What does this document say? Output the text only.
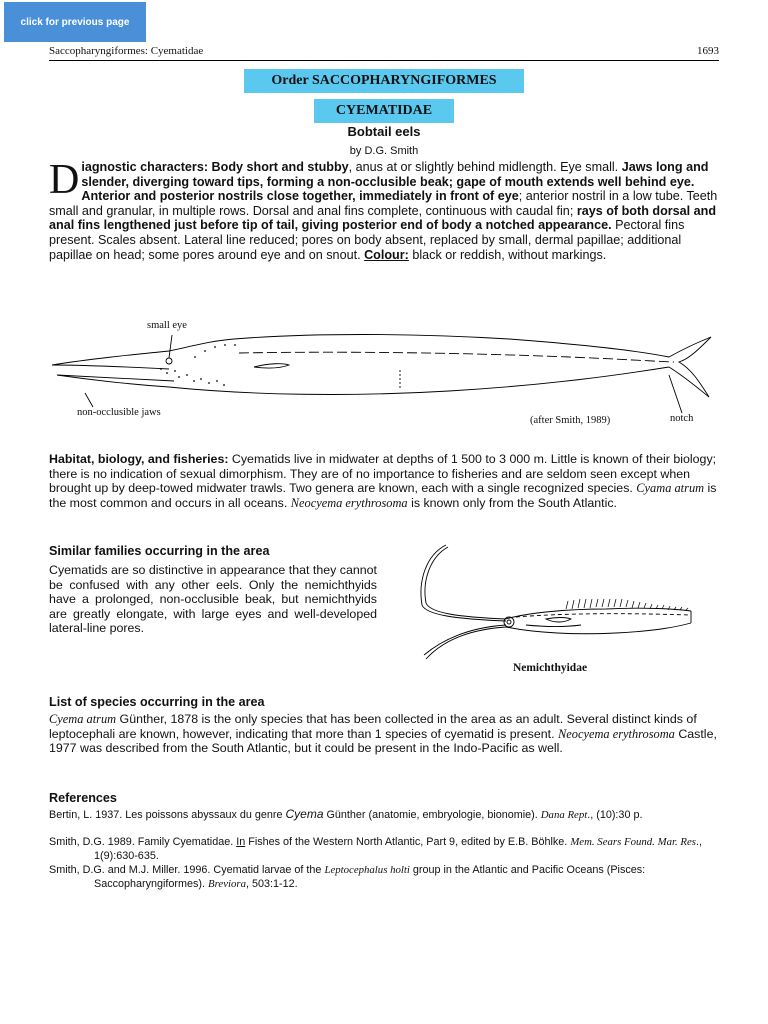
click for previous page
Saccopharyngiformes: Cyematidae	1693
Order SACCOPHARYNGIFORMES
CYEMATIDAE
Bobtail eels
by D.G. Smith
Diagnostic characters: Body short and stubby, anus at or slightly behind midlength. Eye small. Jaws long and slender, diverging toward tips, forming a non-occlusible beak; gape of mouth extends well behind eye. Anterior and posterior nostrils close together, immediately in front of eye; anterior nostril in a low tube. Teeth small and granular, in multiple rows. Dorsal and anal fins complete, continuous with caudal fin; rays of both dorsal and anal fins lengthened just before tip of tail, giving posterior end of body a notched appearance. Pectoral fins present. Scales absent. Lateral line reduced; pores on body absent, replaced by small, dermal papillae; additional papillae on head; some pores around eye and on snout. Colour: black or reddish, without markings.
small eye
non-occlusible jaws
(after Smith, 1989)	notch
Habitat, biology, and fisheries: Cyematids live in midwater at depths of 1 500 to 3 000 m. Little is known of their biology; there is no indication of sexual dimorphism. They are of no importance to fisheries and are seldom seen except when brought up by deep-towed midwater trawls. Two genera are known, each with a single recognized species. Cyama atrum is the most common and occurs in all oceans. Neocyema erythrosoma is known only from the South Atlantic.
Similar families occurring in the area
Cyematids are so distinctive in appearance that they cannot be confused with any other eels. Only the nemichthyids have a prolonged, non-occlusible beak, but nemichthyids are greatly elongate, with large eyes and well-developed lateral-line pores.
Nemichthyidae
List of species occurring in the area
Cyema atrum Günther, 1878 is the only species that has been collected in the area as an adult. Several distinct kinds of leptocephali are known, however, indicating that more than 1 species of cyematid is present. Neocyema erythrosoma Castle, 1977 was described from the South Atlantic, but it could be present in the Indo-Pacific as well.
References
Bertin, L. 1937. Les poissons abyssaux du genre Cyema Günther (anatomie, embryologie, bionomie). Dana Rept., (10):30 p.
Smith, D.G. 1989. Family Cyematidae. In Fishes of the Western North Atlantic, Part 9, edited by E.B. Böhlke. Mem. Sears Found. Mar. Res., 1(9):630-635.
Smith, D.G. and M.J. Miller. 1996. Cyematid larvae of the Leptocephalus holti group in the Atlantic and Pacific Oceans (Pisces: Saccopharyngiformes). Breviora, 503:1-12.
